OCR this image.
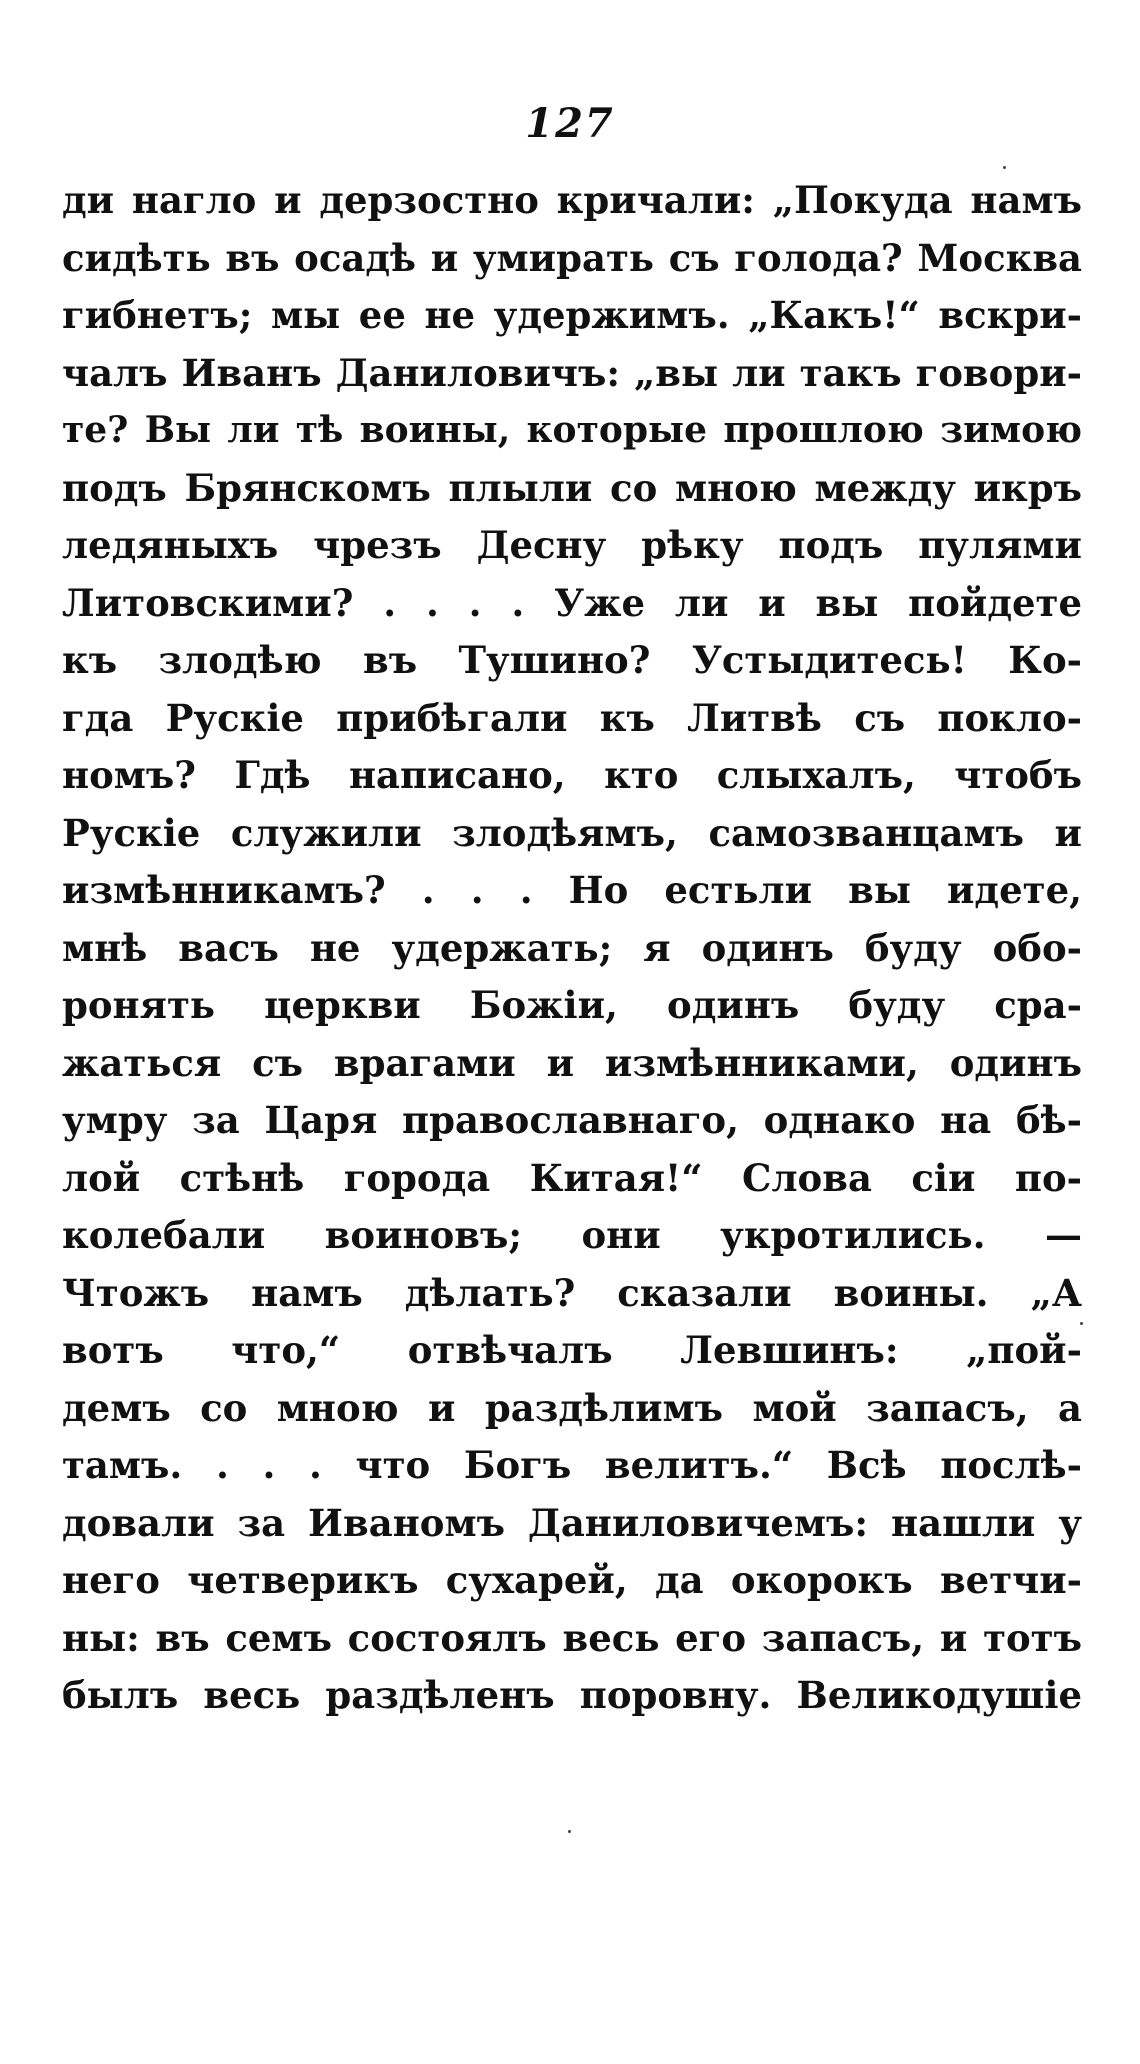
127
ди нагло и дерзостно кричали: „Покуда намъ
сидѣть въ осадѣ и умирать съ голода? Москва
гибнетъ; мы ее не удержимъ. „Какъ!“ вскри-
чалъ Иванъ Даниловичъ: „вы ли такъ говори-
те? Вы ли тѣ воины, которые прошлою зимою
подъ Брянскомъ плыли со мною между икръ
ледяныхъ чрезъ Десну рѣку подъ пулями
Литовскими? . . . . Уже ли и вы пойдете
къ злодѣю въ Тушино? Устыдитесь! Ко-
гда Рускіе прибѣгали къ Литвѣ съ покло-
номъ? Гдѣ написано, кто слыхалъ, чтобъ
Рускіе служили злодѣямъ, самозванцамъ и
измѣнникамъ? . . . Но естьли вы идете,
мнѣ васъ не удержать; я одинъ буду обо-
ронять церкви Божіи, одинъ буду сра-
жаться съ врагами и измѣнниками, одинъ
умру за Царя православнаго, однако на бѣ-
лой стѣнѣ города Китая!“ Слова сіи по-
колебали воиновъ; они укротились. —
Чтожъ намъ дѣлать? сказали воины. „А
вотъ что,“ отвѣчалъ Левшинъ: „пой-
демъ со мною и раздѣлимъ мой запасъ, а
тамъ. . . . что Богъ велитъ.“ Всѣ послѣ-
довали за Иваномъ Даниловичемъ: нашли у
него четверикъ сухарей, да окорокъ ветчи-
ны: въ семъ состоялъ весь его запасъ, и тотъ
былъ весь раздѣленъ поровну. Великодушіе
